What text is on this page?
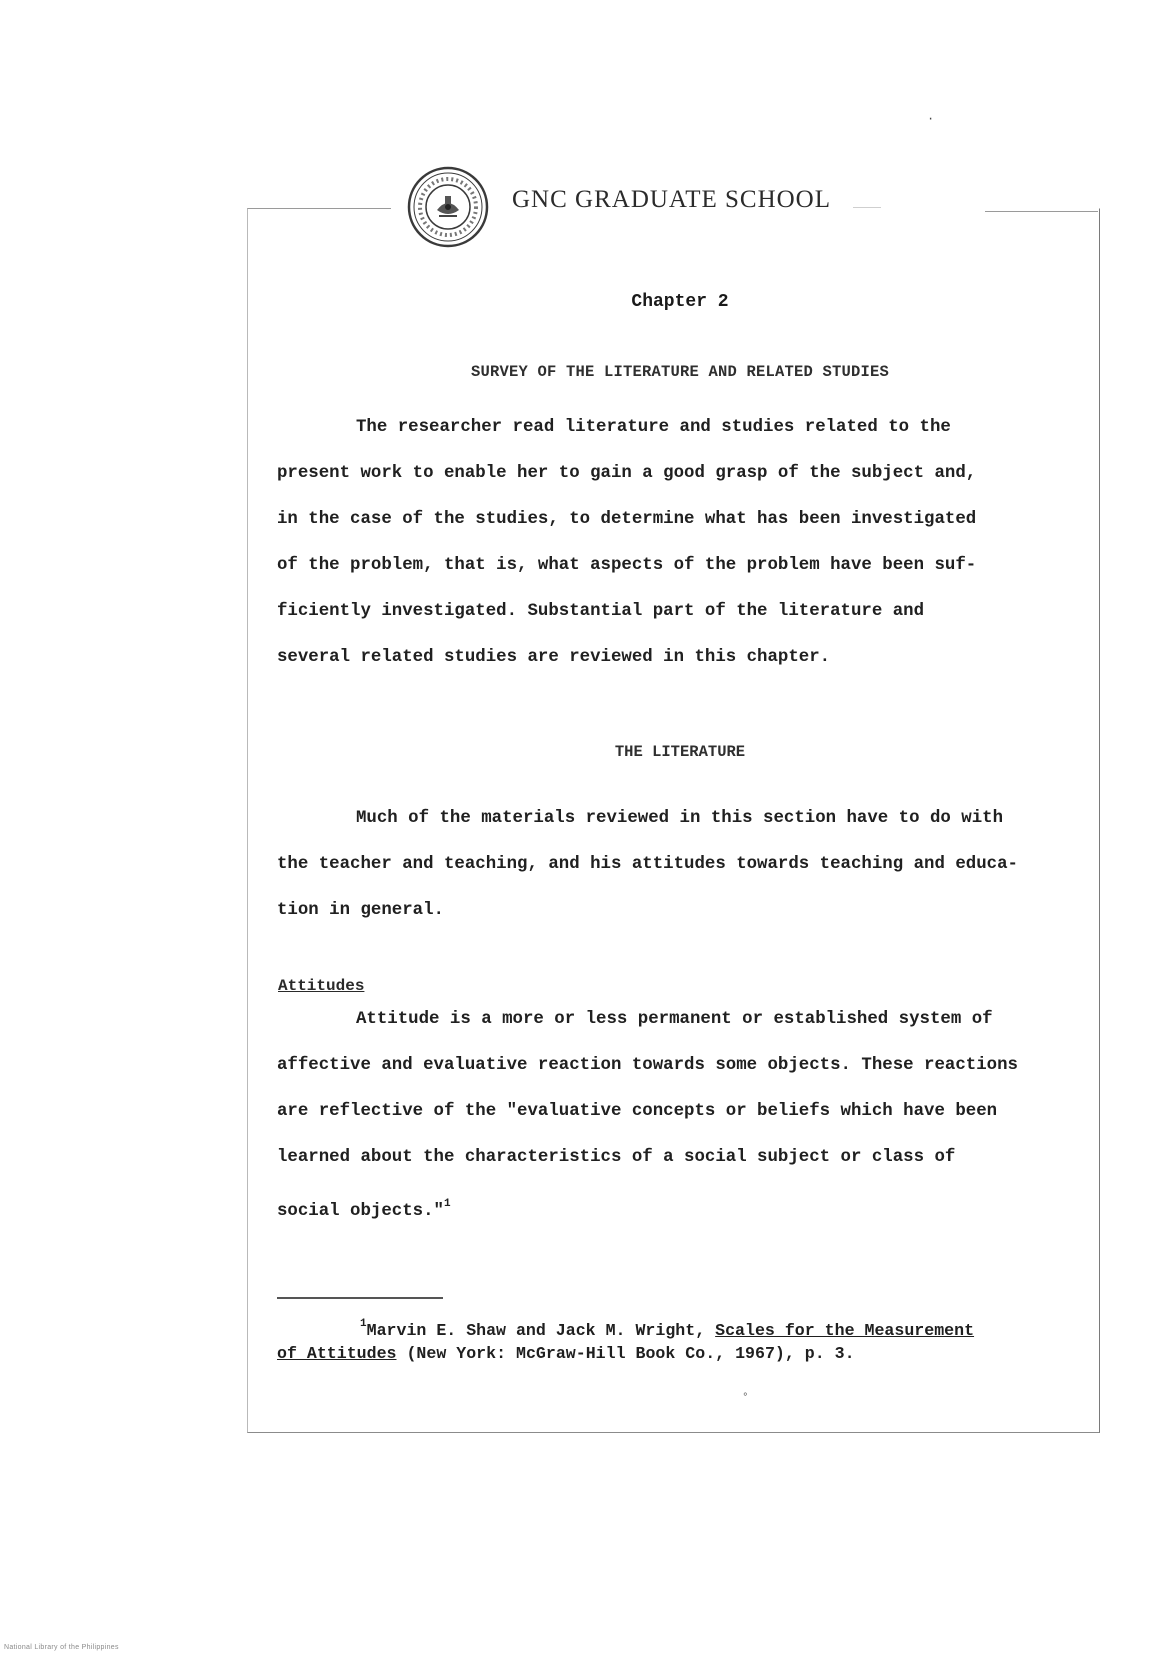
·
GNC GRADUATE SCHOOL
Chapter 2
SURVEY OF THE LITERATURE AND RELATED STUDIES
The researcher read literature and studies related to the
present work to enable her to gain a good grasp of the subject and,
in the case of the studies, to determine what has been investigated
of the problem, that is, what aspects of the problem have been suf-
ficiently investigated. Substantial part of the literature and
several related studies are reviewed in this chapter.
THE LITERATURE
Much of the materials reviewed in this section have to do with
the teacher and teaching, and his attitudes towards teaching and educa-
tion in general.
Attitudes
Attitude is a more or less permanent or established system of
affective and evaluative reaction towards some objects. These reactions
are reflective of the "evaluative concepts or beliefs which have been
learned about the characteristics of a social subject or class of
social objects."$^1$
$^1$Marvin E. Shaw and Jack M. Wright, Scales for the Measurement
of Attitudes (New York: McGraw-Hill Book Co., 1967), p. 3.
°
National Library of the Philippines
